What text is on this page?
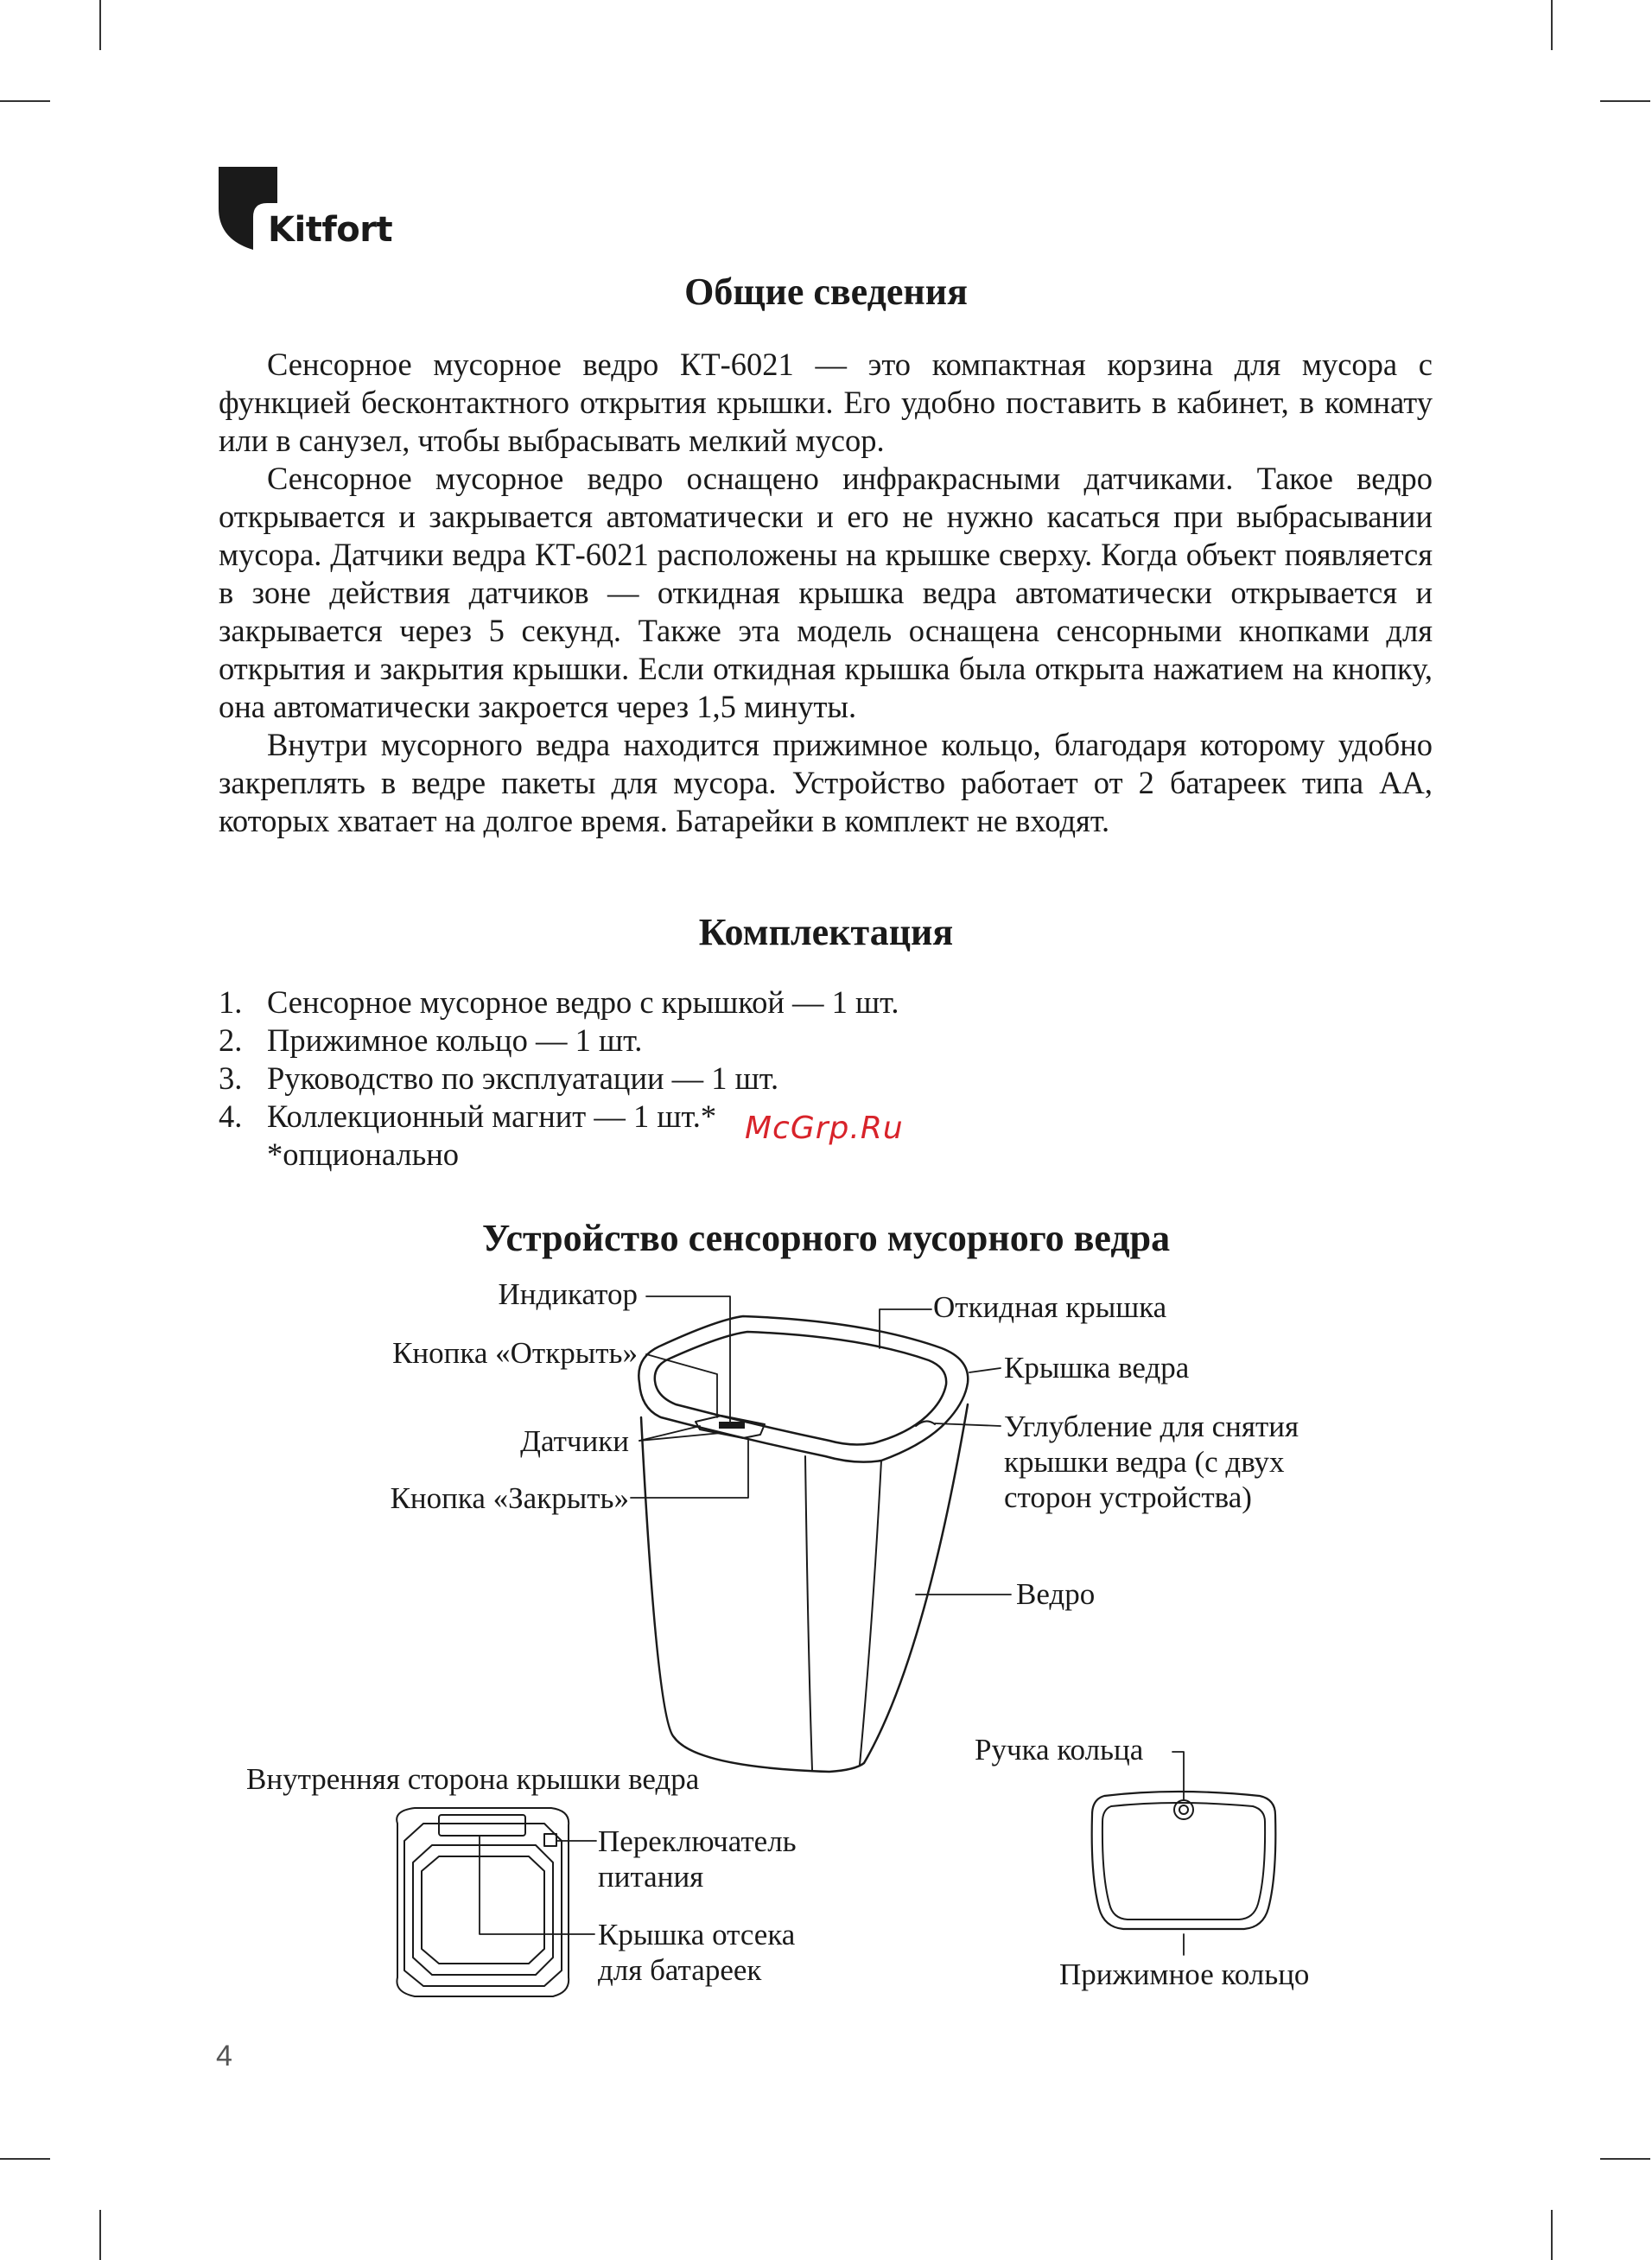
Kitfort
Общие сведения

Сенсорное мусорное ведро КТ-6021 — это компактная корзина для мусора с функцией бесконтактного открытия крышки. Его удобно поставить в кабинет, в комнату или в санузел, чтобы выбрасывать мелкий мусор.

Сенсорное мусорное ведро оснащено инфракрасными датчиками. Такое ведро открывается и закрывается автоматически и его не нужно касаться при выбрасывании мусора. Датчики ведра КТ-6021 расположены на крышке сверху. Когда объект появляется в зоне действия датчиков — откидная крышка ведра автоматически открывается и закрывается через 5 секунд. Также эта модель оснащена сенсорными кнопками для открытия и закрытия крышки. Если откидная крышка была открыта нажатием на кнопку, она автоматически закроется через 1,5 минуты.

Внутри мусорного ведра находится прижимное кольцо, благодаря которому удобно закреплять в ведре пакеты для мусора. Устройство работает от 2 батареек типа АА, которых хватает на долгое время. Батарейки в комплект не входят.

Комплектация
1. Сенсорное мусорное ведро с крышкой — 1 шт.
2. Прижимное кольцо — 1 шт.
3. Руководство по эксплуатации — 1 шт.
4. Коллекционный магнит — 1 шт.*
*опционально
McGrp.Ru
Устройство сенсорного мусорного ведра
Индикатор
Кнопка «Открыть»
Датчики
Кнопка «Закрыть»
Откидная крышка
Крышка ведра
Углубление для снятия
крышки ведра (с двух
сторон устройства)
Ведро
Внутренняя сторона крышки ведра
Переключатель
питания
Крышка отсека
для батареек
Ручка кольца
Прижимное кольцо
4
